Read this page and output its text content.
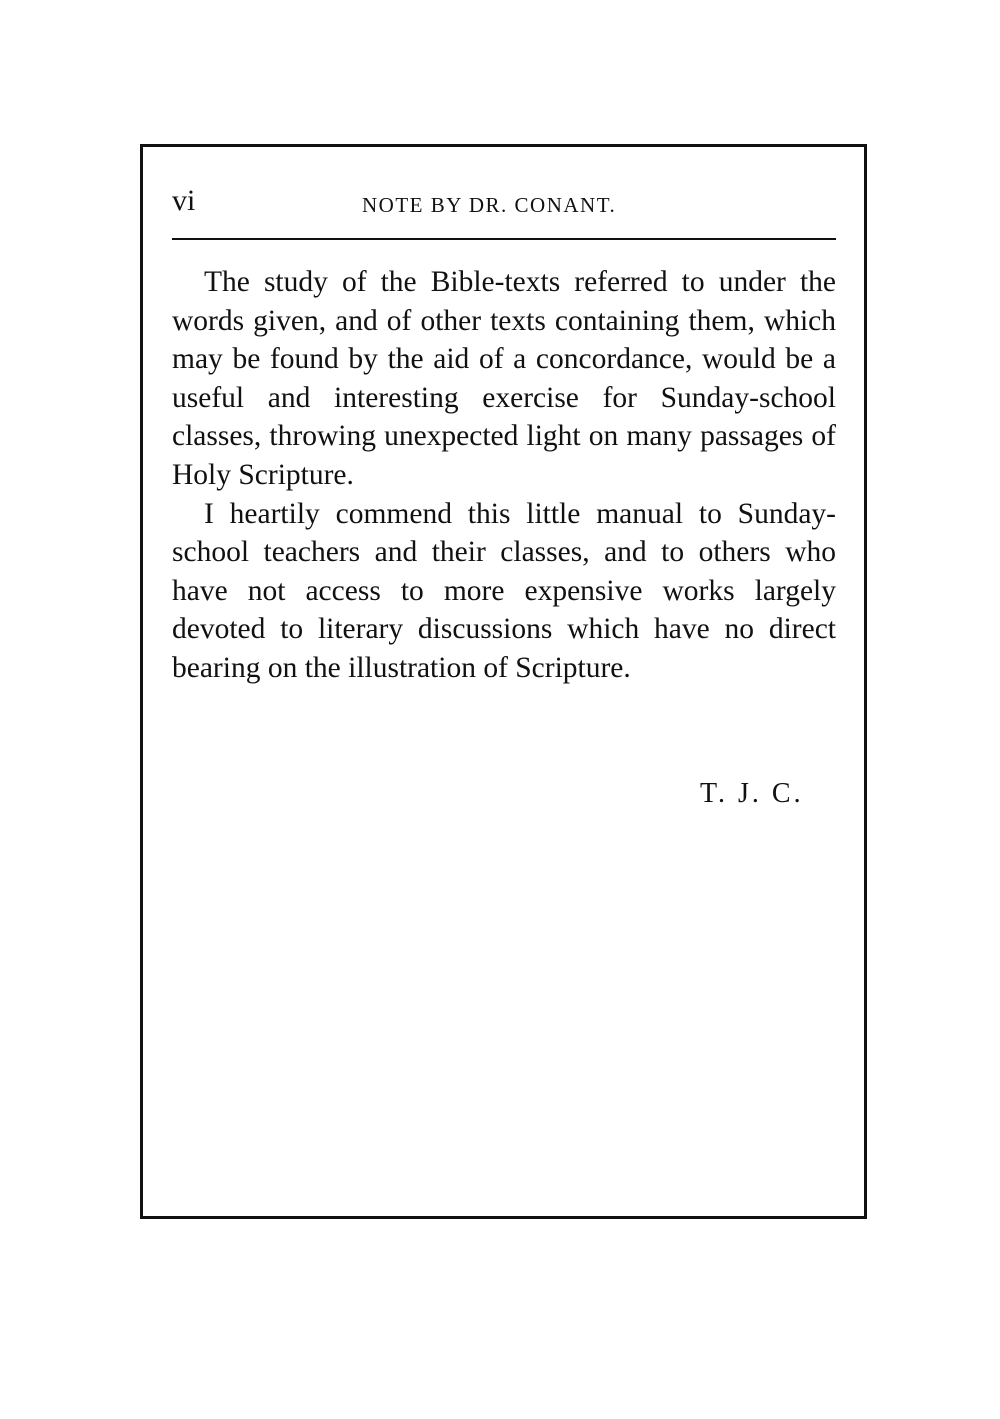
vi	NOTE BY DR. CONANT.

The study of the Bible-texts referred to under the words given, and of other texts containing them, which may be found by the aid of a concordance, would be a useful and interesting exercise for Sunday-school classes, throwing unexpected light on many passages of Holy Scripture.

I heartily commend this little manual to Sunday-school teachers and their classes, and to others who have not access to more expensive works largely devoted to literary discussions which have no direct bearing on the illustration of Scripture.

T. J. C.
